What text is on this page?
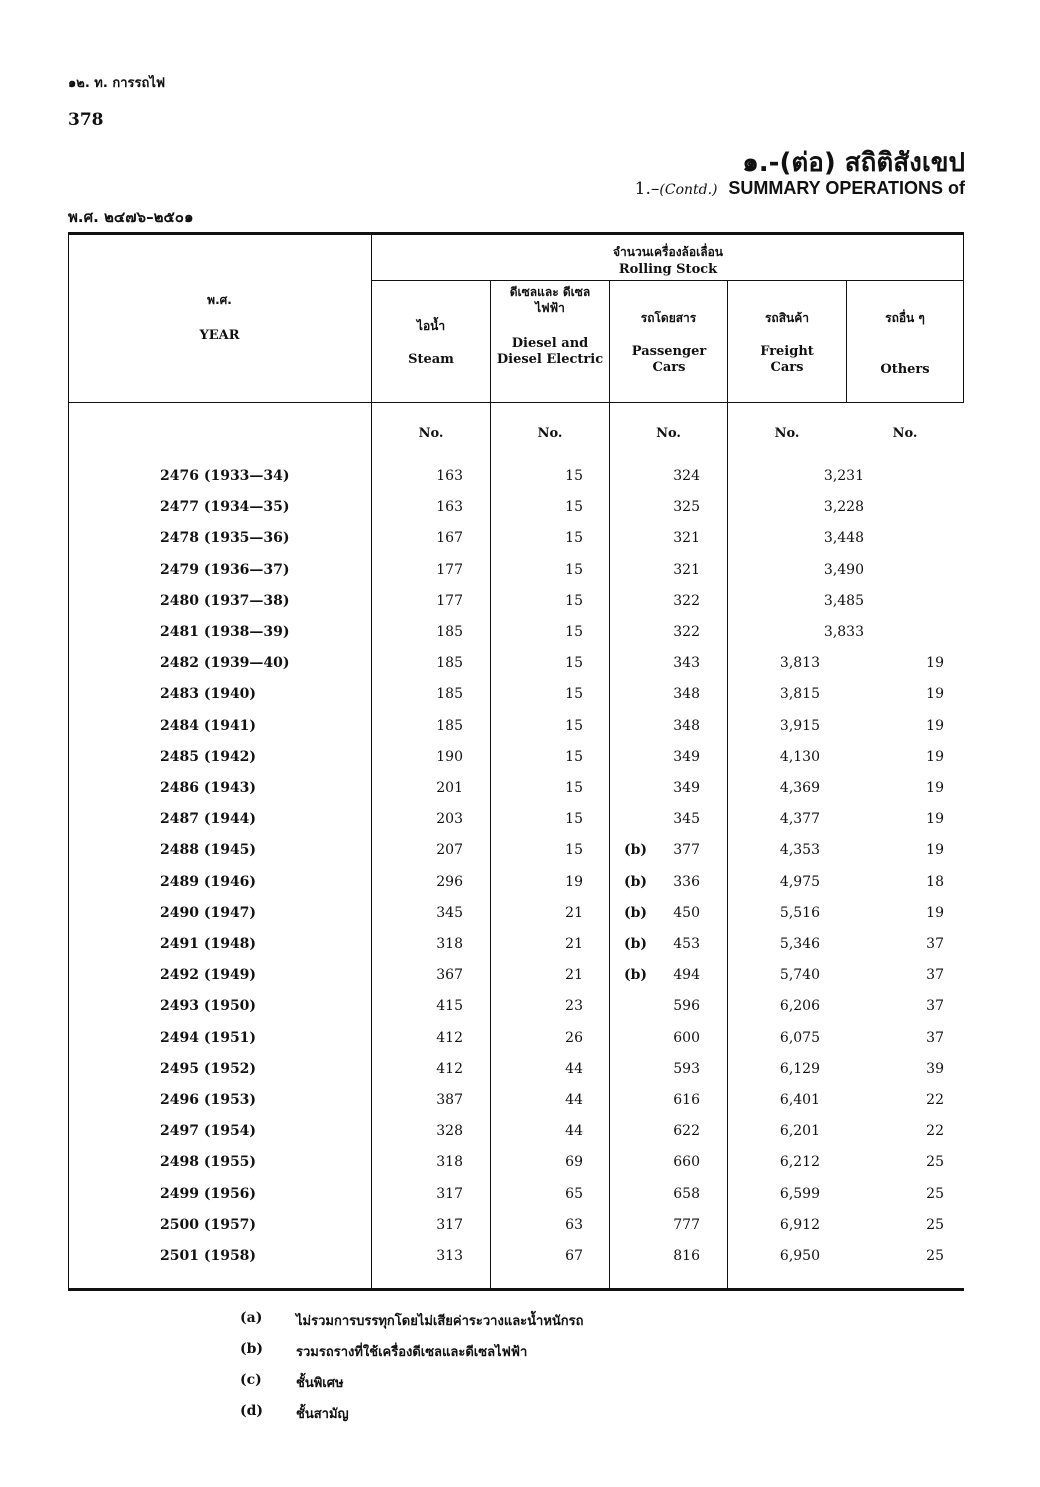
๑๒. ท. การรถไฟ
378
๑.-(ต่อ) สถิติสังเขป
1.–(Contd.) SUMMARY OPERATIONS of
พ.ศ. ๒๔๗๖–๒๕๐๑
พ.ศ.
YEAR
จำนวนเครื่องล้อเลื่อน
Rolling Stock
ไอน้ำ
Steam
ดีเซลและ ดีเซลไฟฟ้า
Diesel and Diesel Electric
รถโดยสาร
Passenger Cars
รถสินค้า
Freight Cars
รถอื่น ๆ
Others
No.	No.	No.	No.	No.
2476 (1933—34)	163	15	324	3,231
2477 (1934—35)	163	15	325	3,228
2478 (1935—36)	167	15	321	3,448
2479 (1936—37)	177	15	321	3,490
2480 (1937—38)	177	15	322	3,485
2481 (1938—39)	185	15	322	3,833
2482 (1939—40)	185	15	343	3,813	19
2483 (1940)	185	15	348	3,815	19
2484 (1941)	185	15	348	3,915	19
2485 (1942)	190	15	349	4,130	19
2486 (1943)	201	15	349	4,369	19
2487 (1944)	203	15	345	4,377	19
2488 (1945)	207	15	(b)	377	4,353	19
2489 (1946)	296	19	(b)	336	4,975	18
2490 (1947)	345	21	(b)	450	5,516	19
2491 (1948)	318	21	(b)	453	5,346	37
2492 (1949)	367	21	(b)	494	5,740	37
2493 (1950)	415	23	596	6,206	37
2494 (1951)	412	26	600	6,075	37
2495 (1952)	412	44	593	6,129	39
2496 (1953)	387	44	616	6,401	22
2497 (1954)	328	44	622	6,201	22
2498 (1955)	318	69	660	6,212	25
2499 (1956)	317	65	658	6,599	25
2500 (1957)	317	63	777	6,912	25
2501 (1958)	313	67	816	6,950	25
(a)	ไม่รวมการบรรทุกโดยไม่เสียค่าระวางและน้ำหนักรถ
(b)	รวมรถรางที่ใช้เครื่องดีเซลและดีเซลไฟฟ้า
(c)	ชั้นพิเศษ
(d)	ชั้นสามัญ
